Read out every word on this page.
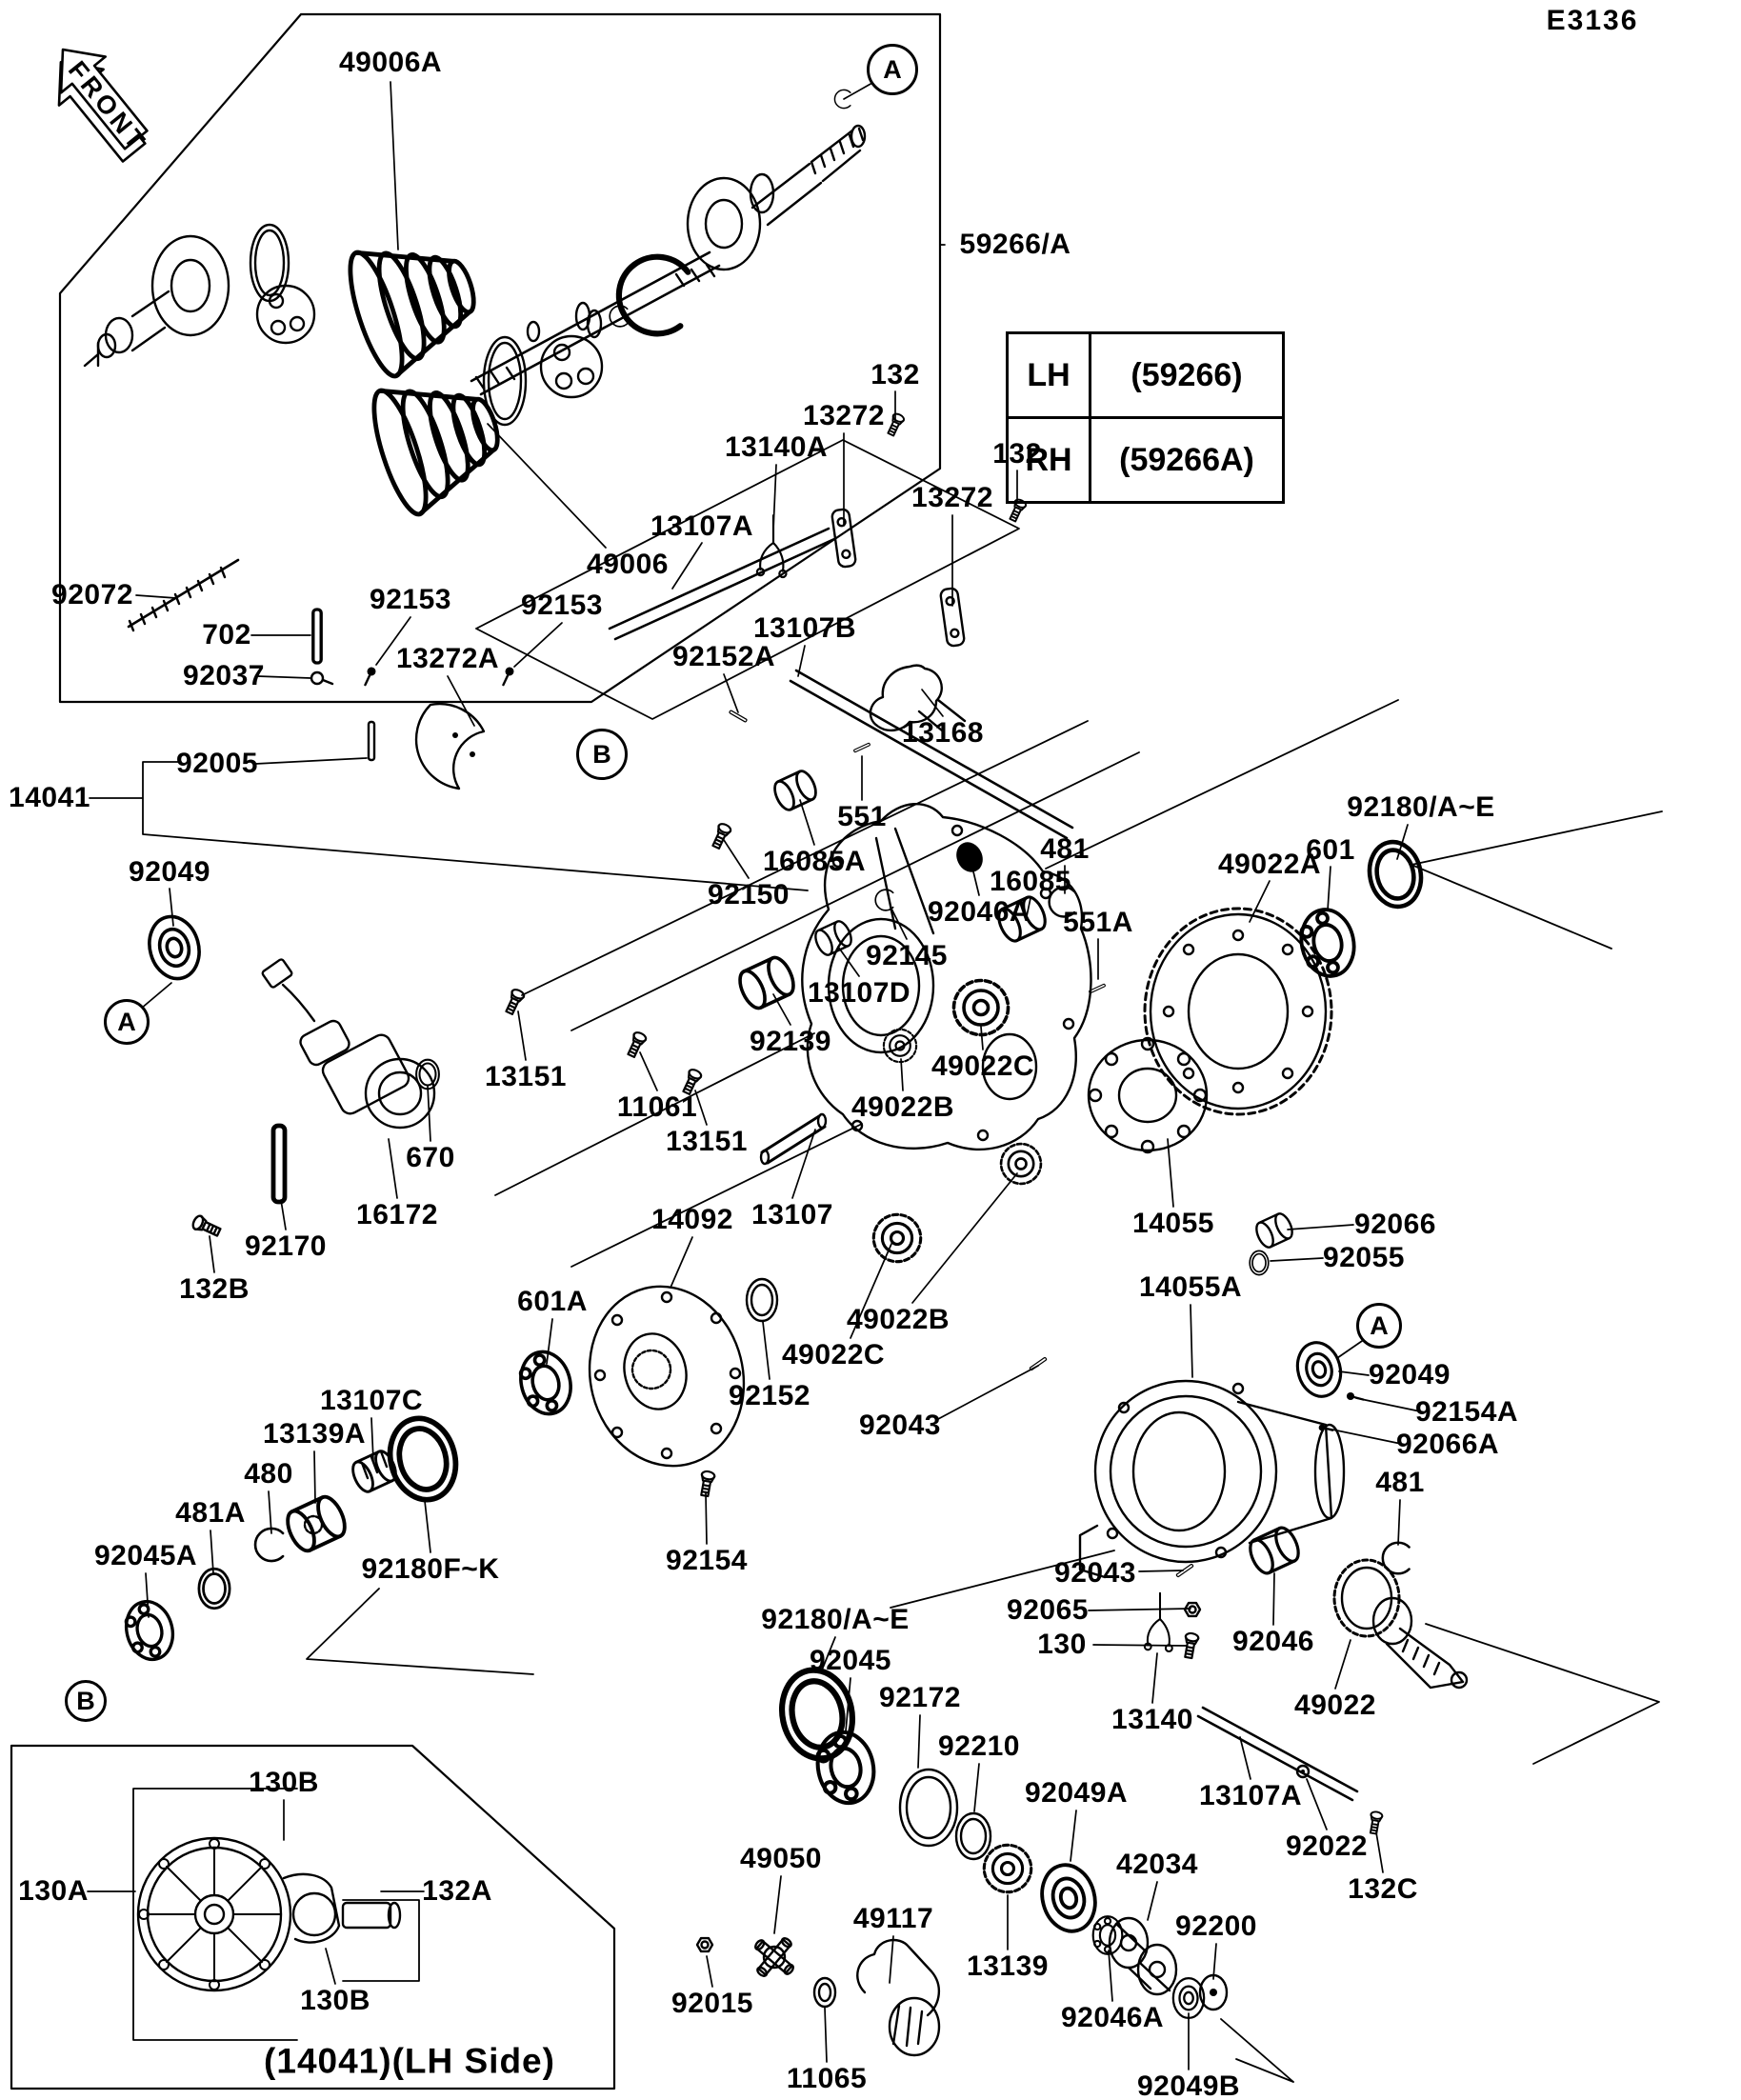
FRONT
E3136
LH	(59266)
RH	(59266A)
(14041)(LH Side)
49006A
59266/A
49006
132
13272
13140A	132
13272
13107A
92072
702
92153 92153
13272A
13107B
92152A
92037
13168
92005
14041
551
16085A	481
16085
92180/A~E
601
49022A
92049
92150
92046A 551A
92145
13107D
92139
49022C
49022B
13151
11061
13151
13107
670
14055
16172	14092
92170
14055A
92066
92055
132B	601A
49022B
49022C
92049
92152
13107C	92154A
13139A	92043
92066A
480	481
481A
92045A	92180F~K	92154	92043
92065
130	92046
92180/A~E
92045
13140	49022
92172
92210
92049A 13107A
92022
42034
132C
92200
49050
49117
13139
92015	92046A
11065	92049B
130B
130A	132A
130B
A
B
A
A
B
